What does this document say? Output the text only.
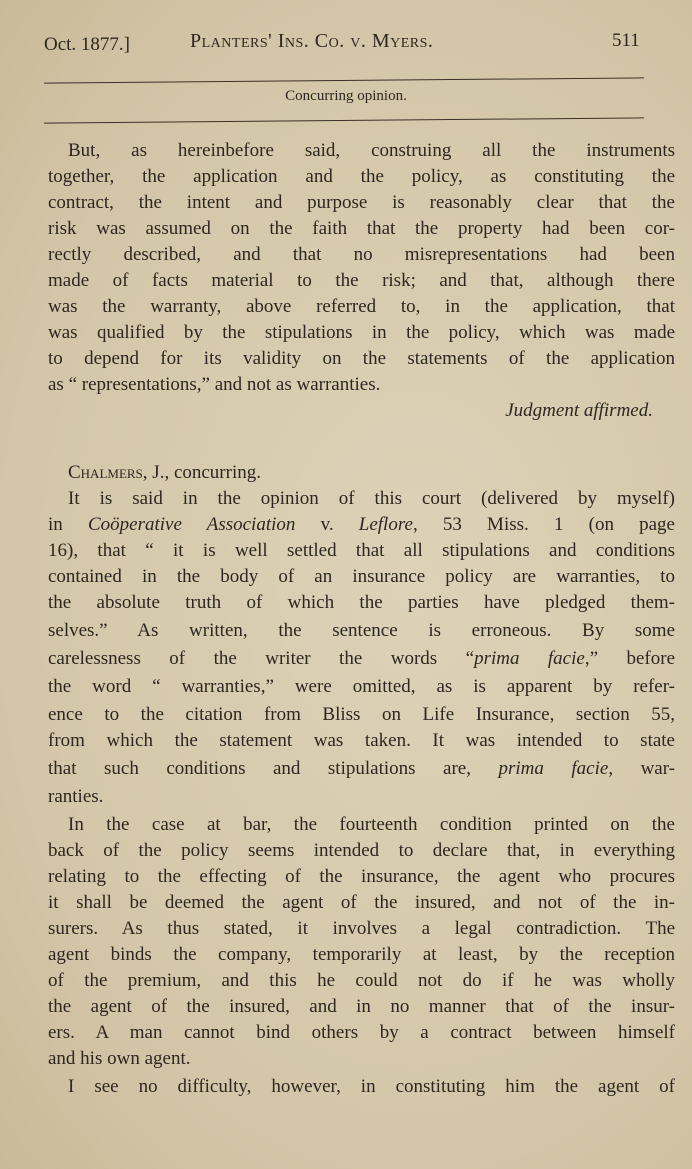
Oct. 1877.]	Planters' Ins. Co. v. Myers.	511
Concurring opinion.
But, as hereinbefore said, construing all the instruments
together, the application and the policy, as constituting the
contract, the intent and purpose is reasonably clear that the
risk was assumed on the faith that the property had been cor-
rectly described, and that no misrepresentations had been
made of facts material to the risk; and that, although there
was the warranty, above referred to, in the application, that
was qualified by the stipulations in the policy, which was made
to depend for its validity on the statements of the application
as “ representations,” and not as warranties.
Judgment affirmed.
Chalmers, J., concurring.
It is said in the opinion of this court (delivered by myself)
in Coöperative Association v. Leflore, 53 Miss. 1 (on page
16), that “ it is well settled that all stipulations and conditions
contained in the body of an insurance policy are warranties, to
the absolute truth of which the parties have pledged them-
selves.” As written, the sentence is erroneous. By some
carelessness of the writer the words “prima facie,” before
the word “ warranties,” were omitted, as is apparent by refer-
ence to the citation from Bliss on Life Insurance, section 55,
from which the statement was taken. It was intended to state
that such conditions and stipulations are, prima facie, war-
ranties.
In the case at bar, the fourteenth condition printed on the
back of the policy seems intended to declare that, in everything
relating to the effecting of the insurance, the agent who procures
it shall be deemed the agent of the insured, and not of the in-
surers. As thus stated, it involves a legal contradiction. The
agent binds the company, temporarily at least, by the reception
of the premium, and this he could not do if he was wholly
the agent of the insured, and in no manner that of the insur-
ers. A man cannot bind others by a contract between himself
and his own agent.
I see no difficulty, however, in constituting him the agent of
